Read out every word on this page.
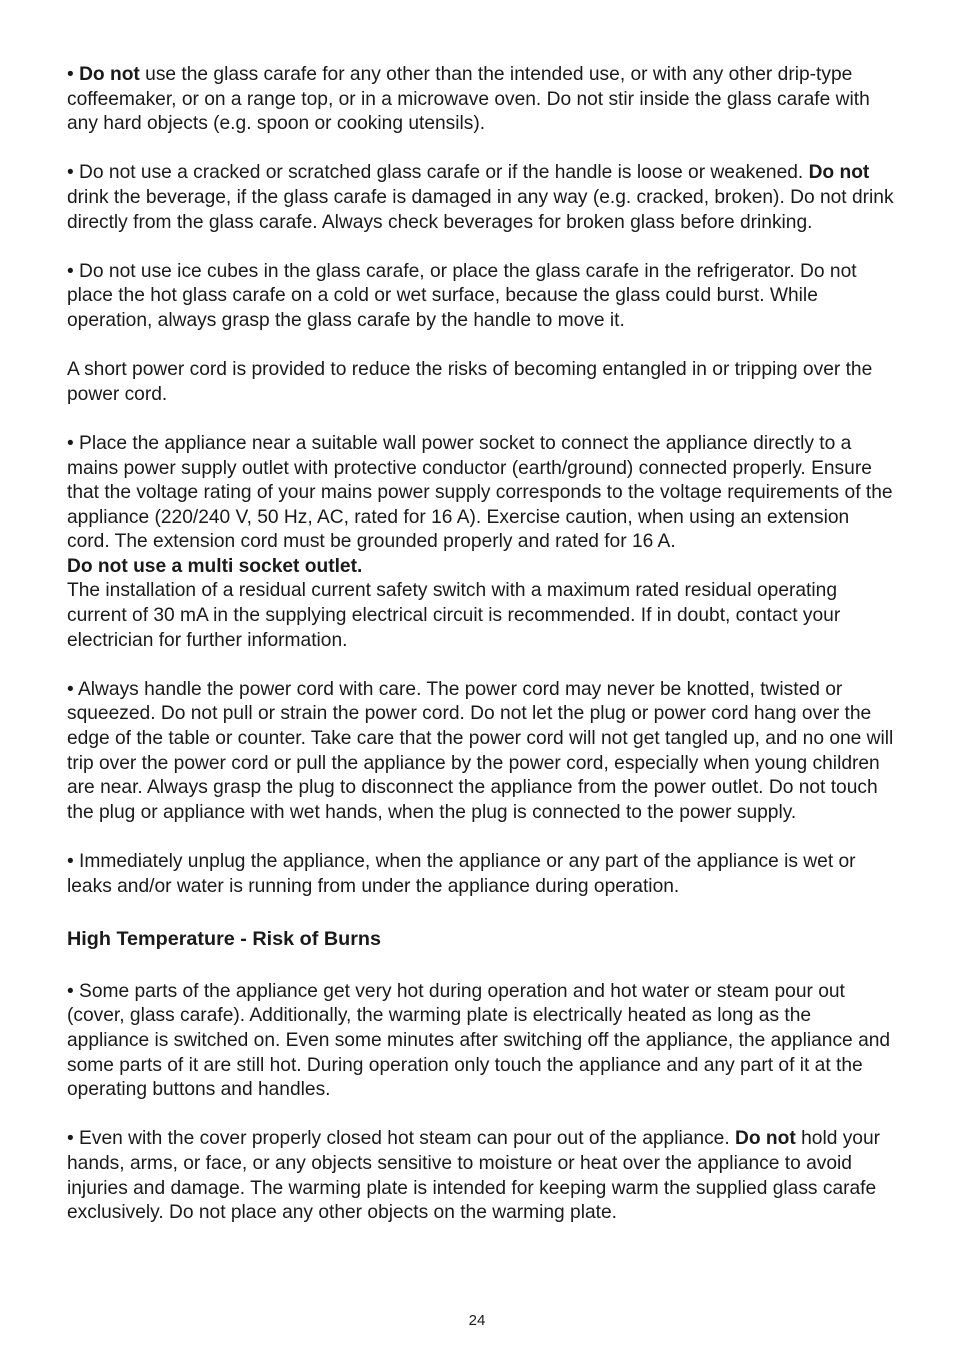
• Do not use the glass carafe for any other than the intended use, or with any other drip-type coffeemaker, or on a range top, or in a microwave oven. Do not stir inside the glass carafe with any hard objects (e.g. spoon or cooking utensils).

• Do not use a cracked or scratched glass carafe or if the handle is loose or weakened. Do not drink the beverage, if the glass carafe is damaged in any way (e.g. cracked, broken). Do not drink directly from the glass carafe. Always check beverages for broken glass before drinking.

• Do not use ice cubes in the glass carafe, or place the glass carafe in the refrigerator. Do not place the hot glass carafe on a cold or wet surface, because the glass could burst. While operation, always grasp the glass carafe by the handle to move it.

A short power cord is provided to reduce the risks of becoming entangled in or tripping over the power cord.

• Place the appliance near a suitable wall power socket to connect the appliance directly to a mains power supply outlet with protective conductor (earth/ground) connected properly. Ensure that the voltage rating of your mains power supply corresponds to the voltage requirements of the appliance (220/240 V, 50 Hz, AC, rated for 16 A). Exercise caution, when using an extension cord. The extension cord must be grounded properly and rated for 16 A.
Do not use a multi socket outlet.
The installation of a residual current safety switch with a maximum rated residual operating current of 30 mA in the supplying electrical circuit is recommended. If in doubt, contact your electrician for further information.

• Always handle the power cord with care. The power cord may never be knotted, twisted or squeezed. Do not pull or strain the power cord. Do not let the plug or power cord hang over the edge of the table or counter. Take care that the power cord will not get tangled up, and no one will trip over the power cord or pull the appliance by the power cord, especially when young children are near. Always grasp the plug to disconnect the appliance from the power outlet. Do not touch the plug or appliance with wet hands, when the plug is connected to the power supply.

• Immediately unplug the appliance, when the appliance or any part of the appliance is wet or leaks and/or water is running from under the appliance during operation.

High Temperature - Risk of Burns

• Some parts of the appliance get very hot during operation and hot water or steam pour out (cover, glass carafe). Additionally, the warming plate is electrically heated as long as the appliance is switched on. Even some minutes after switching off the appliance, the appliance and some parts of it are still hot. During operation only touch the appliance and any part of it at the operating buttons and handles.

• Even with the cover properly closed hot steam can pour out of the appliance. Do not hold your hands, arms, or face, or any objects sensitive to moisture or heat over the appliance to avoid injuries and damage. The warming plate is intended for keeping warm the supplied glass carafe exclusively. Do not place any other objects on the warming plate.

24
